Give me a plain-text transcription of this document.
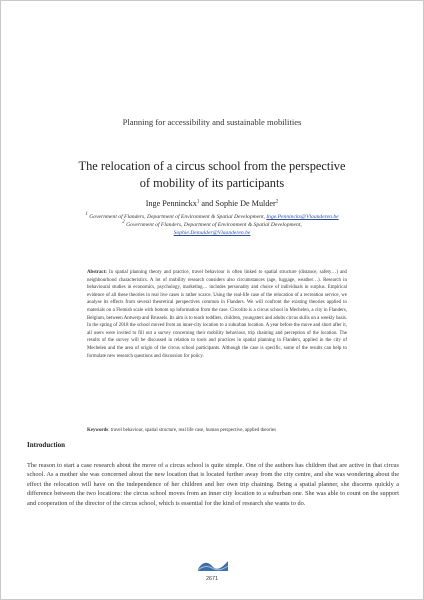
Planning for accessibility and sustainable mobilities
The relocation of a circus school from the perspective
of mobility of its participants
Inge Penninckx$^1$ and Sophie De Mulder$^2$
$^1$ Government of Flanders, Department of Environment & Spatial Development, Inge.Penninckx@Vlaanderen.be
$^2$ Government of Flanders, Department of Environment & Spatial Development,
Sophie.Demulder@Vlaanderen.be
Abstract: In spatial planning theory and practice, travel behaviour is often linked to spatial structure (distance, safety…) and neighbourhood characteristics. A lot of mobility research considers also circumstances (age, luggage, weather…). Research in behavioural studies in economics, psychology, marketing… includes personality and choice of individuals in surplus. Empirical evidence of all these theories in real live cases is rather scarce. Using the real-life case of the relocation of a recreation service, we analyse its effects from several theoretical perspectives common in Flanders. We will confront the existing theories applied to materials on a Flemish scale with bottom up information from the case. Circolito is a circus school in Mechelen, a city in Flanders, Belgium, between Antwerp and Brussels. Its aim is to teach toddlers, children, youngsters and adults circus skills on a weekly basis. In the spring of 2018 the school moved from an inner-city location to a suburban location. A year before the move and short after it, all users were invited to fill out a survey concerning their mobility behaviour, trip chaining and perception of the location. The results of the survey will be discussed in relation to tools and practices in spatial planning in Flanders, applied in the city of Mechelen and the area of origin of the circus school participants. Although the case is specific, some of the results can help to formulate new research questions and discussion for policy.
Keywords: travel behaviour, spatial structure, real life case, human perspective, applied theories
Introduction
The reason to start a case research about the move of a circus school is quite simple. One of the authors has children that are active in that circus school. As a mother she was concerned about the new location that is located further away from the city centre, and she was wondering about the effect the relocation will have on the independence of her children and her own trip chaining. Being a spatial planner, she discerns quickly a difference between the two locations: the circus school moves from an inner city location to a suburban one. She was able to count on the support and cooperation of the director of the circus school, which is essential for the kind of research she wants to do.
2671
